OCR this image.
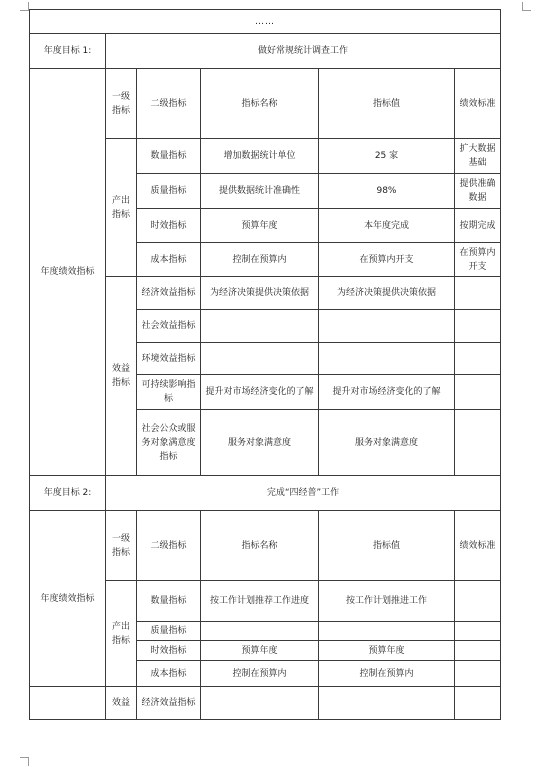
……					
年度目标 1:	做好常规统计调查工作				
年度绩效指标	一级指标	二级指标	指标名称	指标值	绩效标准
	产出指标	数量指标	增加数据统计单位	25 家	扩大数据基础
		质量指标	提供数据统计准确性	98%	提供准确数据
		时效指标	预算年度	本年度完成	按期完成
		成本指标	控制在预算内	在预算内开支	在预算内开支
	效益指标	经济效益指标	为经济决策提供决策依据	为经济决策提供决策依据	
		社会效益指标			
		环境效益指标			
		可持续影响指标	提升对市场经济变化的了解	提升对市场经济变化的了解	
		社会公众或服务对象满意度指标	服务对象满意度	服务对象满意度	
年度目标 2:	完成“四经普”工作				
年度绩效指标	一级指标	二级指标	指标名称	指标值	绩效标准
	产出指标	数量指标	按工作计划推荐工作进度	按工作计划推进工作	
		质量指标			
		时效指标	预算年度	预算年度	
		成本指标	控制在预算内	控制在预算内	
	效益	经济效益指标			
